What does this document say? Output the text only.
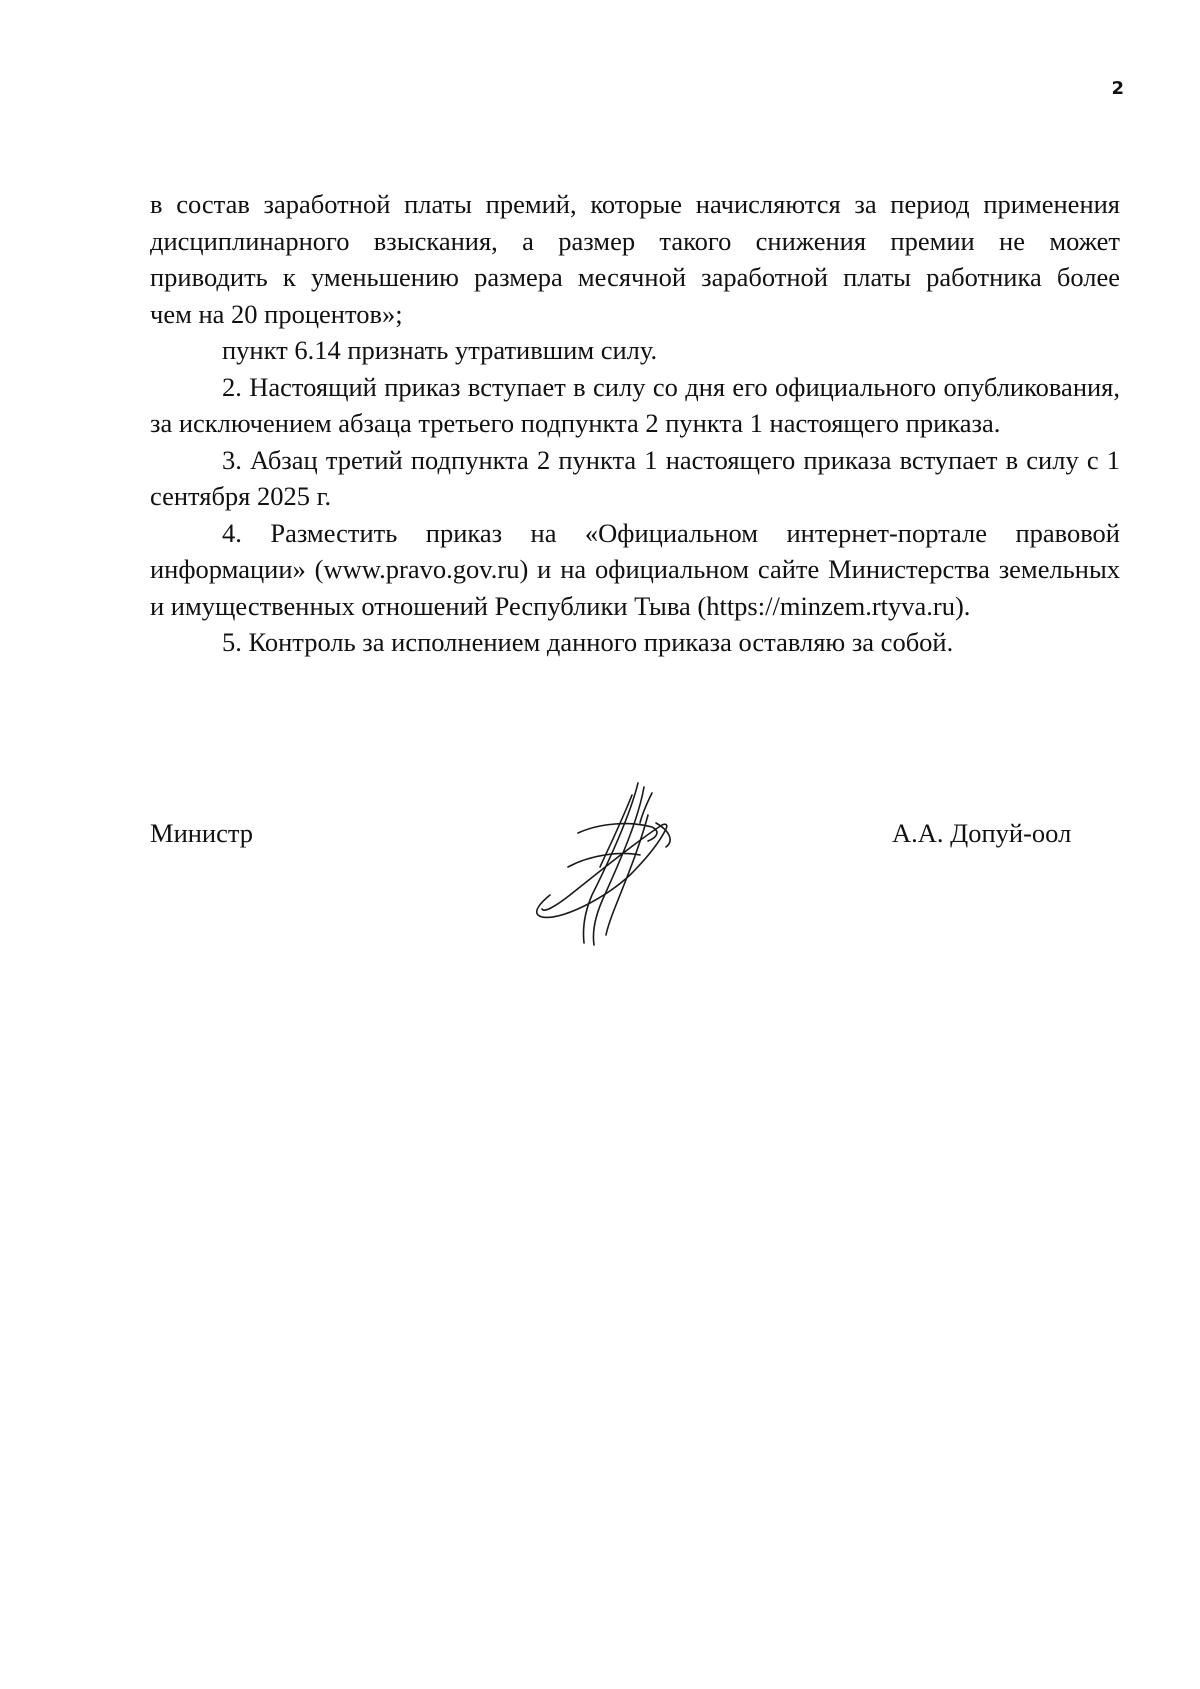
2

в состав заработной платы премий, которые начисляются за период применения
дисциплинарного взыскания, а размер такого снижения премии не может
приводить к уменьшению размера месячной заработной платы работника более
чем на 20 процентов»;

пункт 6.14 признать утратившим силу.

2. Настоящий приказ вступает в силу со дня его официального опубликования, за исключением абзаца третьего подпункта 2 пункта 1 настоящего приказа.

3. Абзац третий подпункта 2 пункта 1 настоящего приказа вступает в силу с 1 сентября 2025 г.

4. Разместить приказ на «Официальном интернет-портале правовой информации» (www.pravo.gov.ru) и на официальном сайте Министерства земельных и имущественных отношений Республики Тыва (https://minzem.rtyva.ru).

5. Контроль за исполнением данного приказа оставляю за собой.

Министр	А.А. Допуй-оол
